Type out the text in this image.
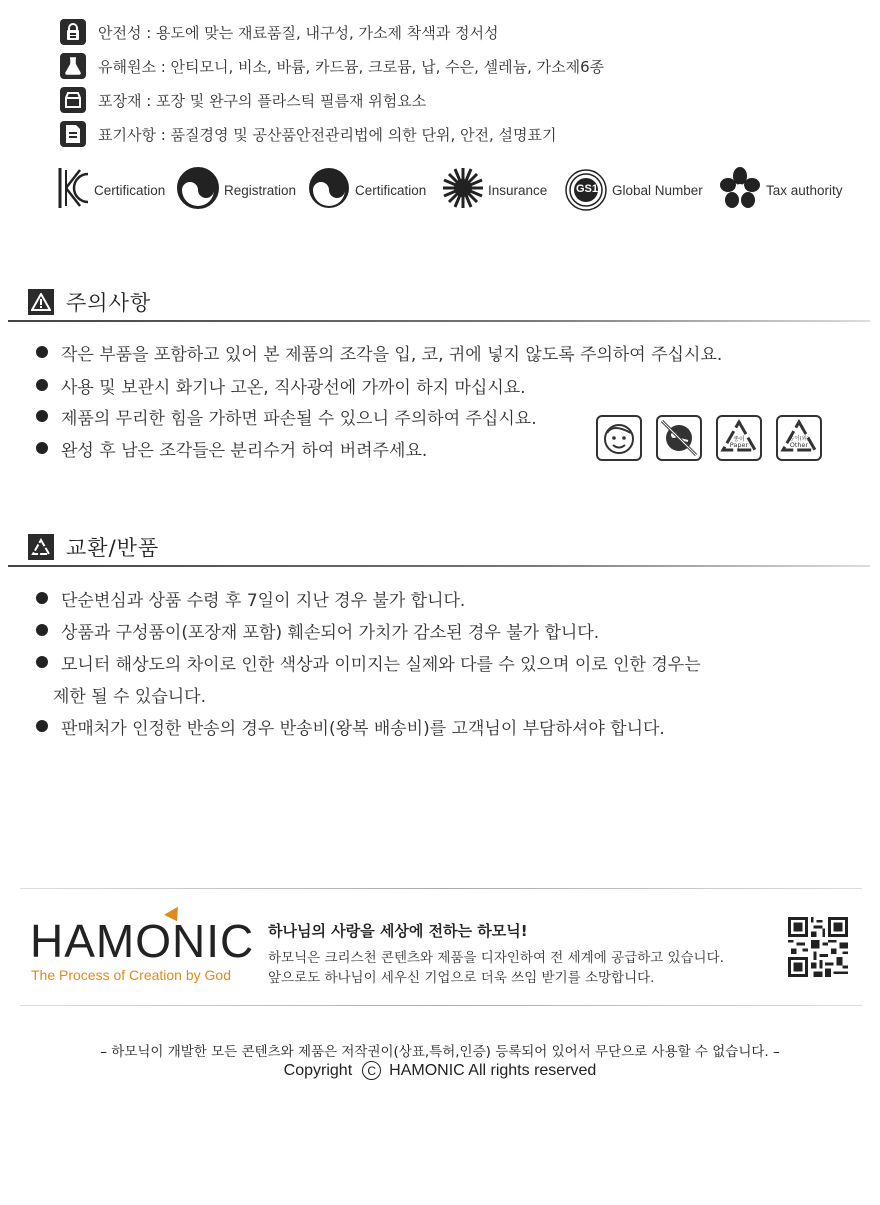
안전성 : 용도에 맞는 재료품질, 내구성, 가소제 착색과 정서성
유해원소 : 안티모니, 비소, 바륨, 카드뮴, 크로뮴, 납, 수은, 셀레늄, 가소제6종
포장재 : 포장 및 완구의 플라스틱 필름재 위험요소
표기사항 : 품질경영 및 공산품안전관리법에 의한 단위, 안전, 설명표기
Certification	Registration	Certification	Insurance	GS1 Global Number	Tax authority
주의사항
작은 부품을 포함하고 있어 본 제품의 조각을 입, 코, 귀에 넣지 않도록 주의하여 주십시요.
사용 및 보관시 화기나 고온, 직사광선에 가까이 하지 마십시요.
제품의 무리한 힘을 가하면 파손될 수 있으니 주의하여 주십시요.
완성 후 남은 조각들은 분리수거 하여 버려주세요.
종이
Paper
종이(외)
Other
교환/반품
단순변심과 상품 수령 후 7일이 지난 경우 불가 합니다.
상품과 구성품이(포장재 포함) 훼손되어 가치가 감소된 경우 불가 합니다.
모니터 해상도의 차이로 인한 색상과 이미지는 실제와 다를 수 있으며 이로 인한 경우는
제한 될 수 있습니다.
판매처가 인정한 반송의 경우 반송비(왕복 배송비)를 고객님이 부담하셔야 합니다.
HAMONIC
The Process of Creation by God
하나님의 사랑을 세상에 전하는 하모닉!
하모닉은 크리스천 콘텐츠와 제품을 디자인하여 전 세계에 공급하고 있습니다.
앞으로도 하나님이 세우신 기업으로 더욱 쓰임 받기를 소망합니다.
– 하모닉이 개발한 모든 콘텐츠와 제품은 저작권이(상표,특허,인증) 등록되어 있어서 무단으로 사용할 수 없습니다. –
Copyright C HAMONIC All rights reserved
